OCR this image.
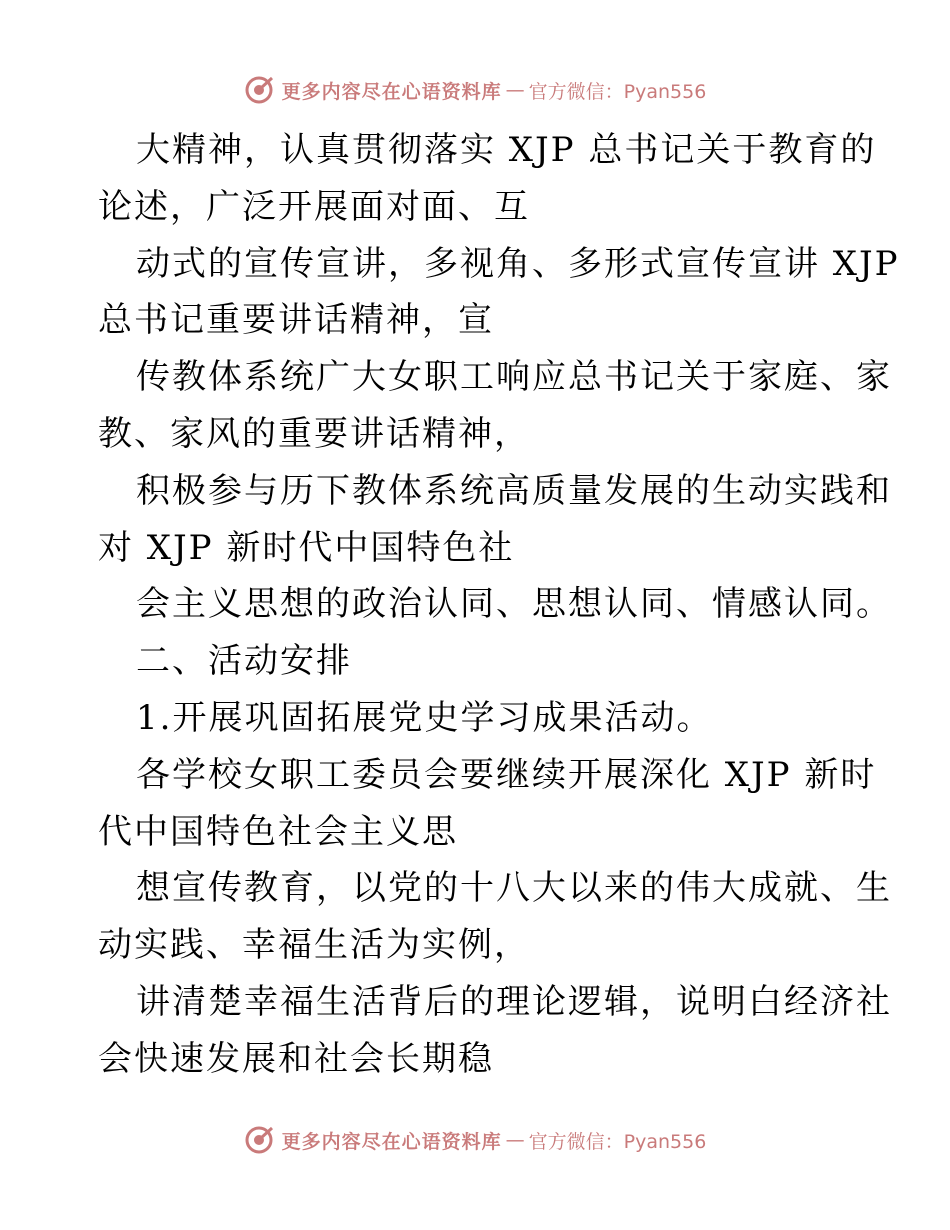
更多内容尽在心语资料库 — 官方微信：Pyan556
大精神，认真贯彻落实 XJP 总书记关于教育的
论述，广泛开展面对面、互
动式的宣传宣讲，多视角、多形式宣传宣讲 XJP
总书记重要讲话精神，宣
传教体系统广大女职工响应总书记关于家庭、家
教、家风的重要讲话精神，
积极参与历下教体系统高质量发展的生动实践和
对 XJP 新时代中国特色社
会主义思想的政治认同、思想认同、情感认同。
二、活动安排
1.开展巩固拓展党史学习成果活动。
各学校女职工委员会要继续开展深化 XJP 新时
代中国特色社会主义思
想宣传教育，以党的十八大以来的伟大成就、生
动实践、幸福生活为实例，
讲清楚幸福生活背后的理论逻辑，说明白经济社
会快速发展和社会长期稳
更多内容尽在心语资料库 — 官方微信：Pyan556
